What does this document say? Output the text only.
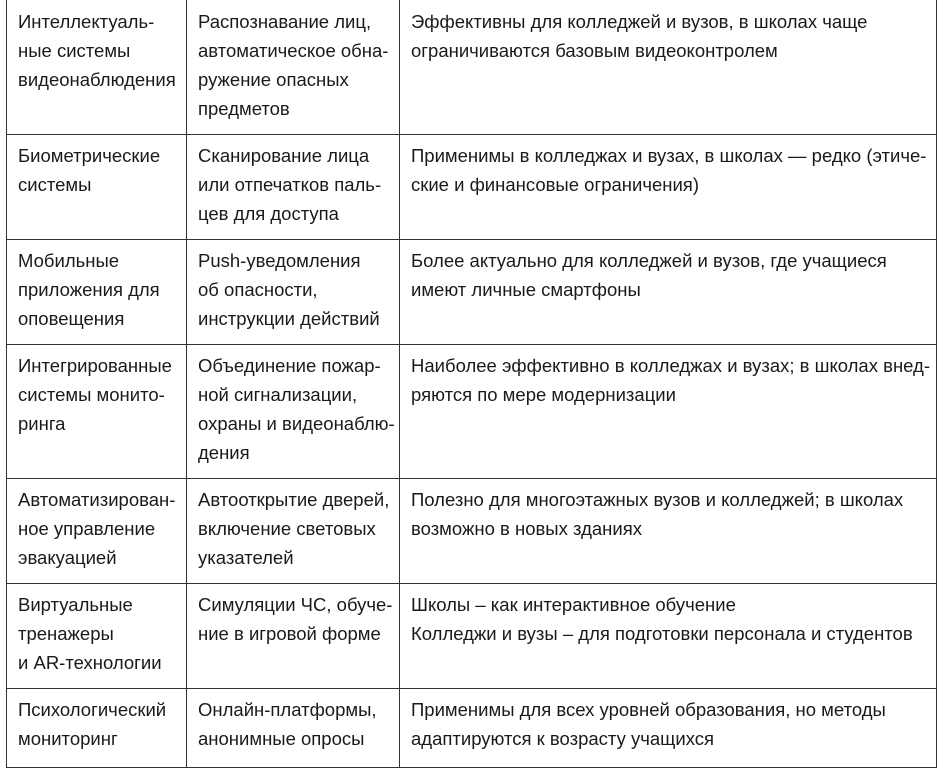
Интеллектуаль-
ные системы
видеонаблюдения	Распознавание лиц,
автоматическое обна-
ружение опасных
предметов	Эффективны для колледжей и вузов, в школах чаще
ограничиваются базовым видеоконтролем

Биометрические
системы	Сканирование лица
или отпечатков паль-
цев для доступа	Применимы в колледжах и вузах, в школах — редко (этиче-
ские и финансовые ограничения)

Мобильные
приложения для
оповещения	Push-уведомления
об опасности,
инструкции действий	Более актуально для колледжей и вузов, где учащиеся
имеют личные смартфоны

Интегрированные
системы монито-
ринга	Объединение пожар-
ной сигнализации,
охраны и видеонаблю-
дения	Наиболее эффективно в колледжах и вузах; в школах внед-
ряются по мере модернизации

Автоматизирован-
ное управление
эвакуацией	Автооткрытие дверей,
включение световых
указателей	Полезно для многоэтажных вузов и колледжей; в школах
возможно в новых зданиях

Виртуальные
тренажеры
и AR-технологии	Симуляции ЧС, обуче-
ние в игровой форме	Школы – как интерактивное обучение
Колледжи и вузы – для подготовки персонала и студентов

Психологический
мониторинг	Онлайн-платформы,
анонимные опросы	Применимы для всех уровней образования, но методы
адаптируются к возрасту учащихся
